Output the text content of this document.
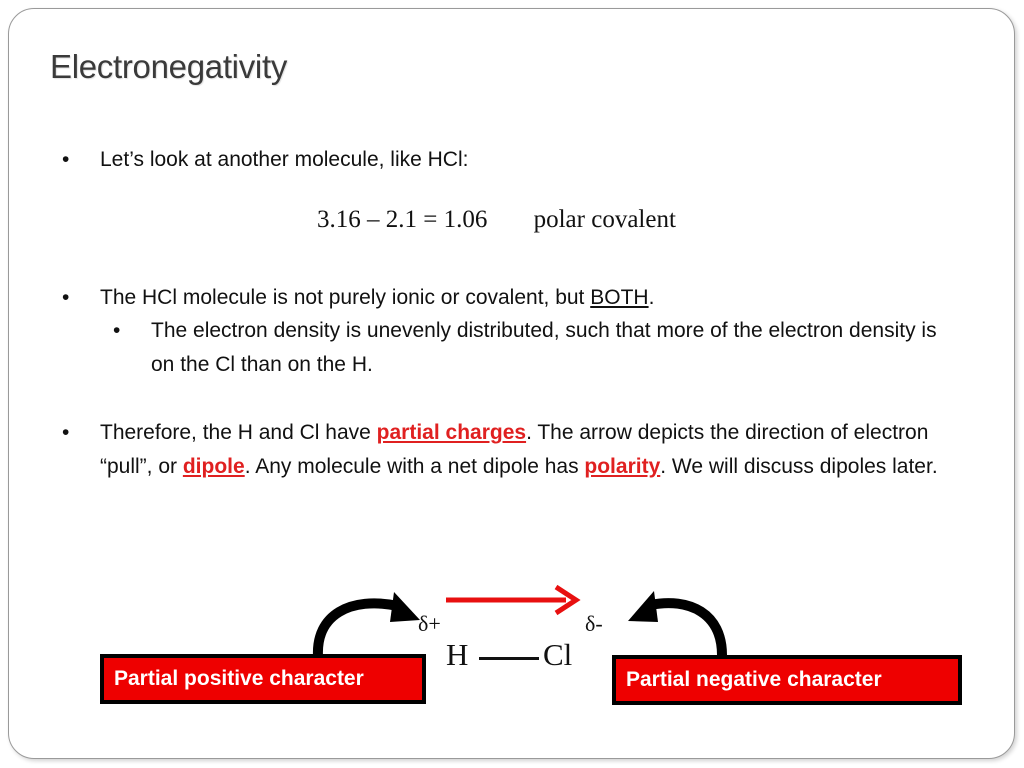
Electronegativity
• Let’s look at another molecule, like HCl:
3.16 – 2.1 = 1.06 polar covalent
• The HCl molecule is not purely ionic or covalent, but BOTH.
• The electron density is unevenly distributed, such that more of the electron density is on the Cl than on the H.
• Therefore, the H and Cl have partial charges. The arrow depicts the direction of electron “pull”, or dipole. Any molecule with a net dipole has polarity. We will discuss dipoles later.
δ+	δ-
H Cl
Partial positive character	Partial negative character
